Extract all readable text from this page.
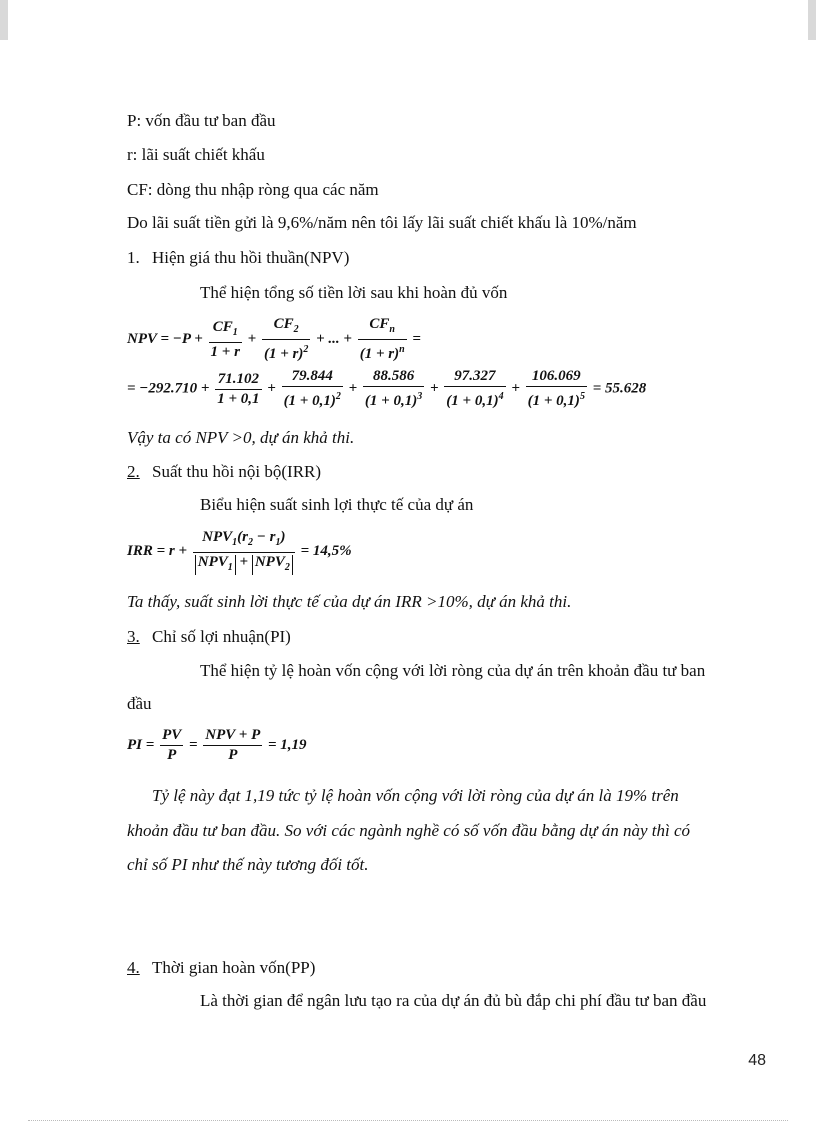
P: vốn đầu tư ban đầu
r: lãi suất chiết khấu
CF: dòng thu nhập ròng qua các năm
Do lãi suất tiền gửi là 9,6%/năm nên tôi lấy lãi suất chiết khấu là 10%/năm
1. Hiện giá thu hồi thuần(NPV)
Thể hiện tổng số tiền lời sau khi hoàn đủ vốn
NPV = $-P + \frac{CF_1}{1 + r} + \frac{CF_2}{(1 + r)^2}$ + ... + $\frac{CF_n}{(1 + r)^n}$ =
= $-292.710 + \frac{71.102}{1 + 0,1} + \frac{79.844}{(1 + 0,1)^2} + \frac{88.586}{(1 + 0,1)^3} + \frac{97.327}{(1 + 0,1)^4} + \frac{106.069}{(1 + 0,1)^5} = 55.628$
Vậy ta có NPV >0, dự án khả thi.
2. Suất thu hồi nội bộ(IRR)
Biểu hiện suất sinh lợi thực tế của dự án
IRR = $r + \frac{NPV_1(r_2 - r_1)}{NPV_1 + NPV_2} = 14,5\%$
Ta thấy, suất sinh lời thực tế của dự án IRR >10%, dự án khả thi.
3. Chỉ số lợi nhuận(PI)
Thể hiện tỷ lệ hoàn vốn cộng với lời ròng của dự án trên khoản đầu tư ban
đầu
PI = $\frac{PV}{P} = \frac{\text{NPV + P}}{P} = 1,19$
Tỷ lệ này đạt 1,19 tức tỷ lệ hoàn vốn cộng với lời ròng của dự án là 19% trên
khoản đầu tư ban đầu. So với các ngành nghề có số vốn đầu bằng dự án này thì có
chỉ số PI như thế này tương đối tốt.
4. Thời gian hoàn vốn(PP)
Là thời gian để ngân lưu tạo ra của dự án đủ bù đắp chi phí đầu tư ban đầu
48
